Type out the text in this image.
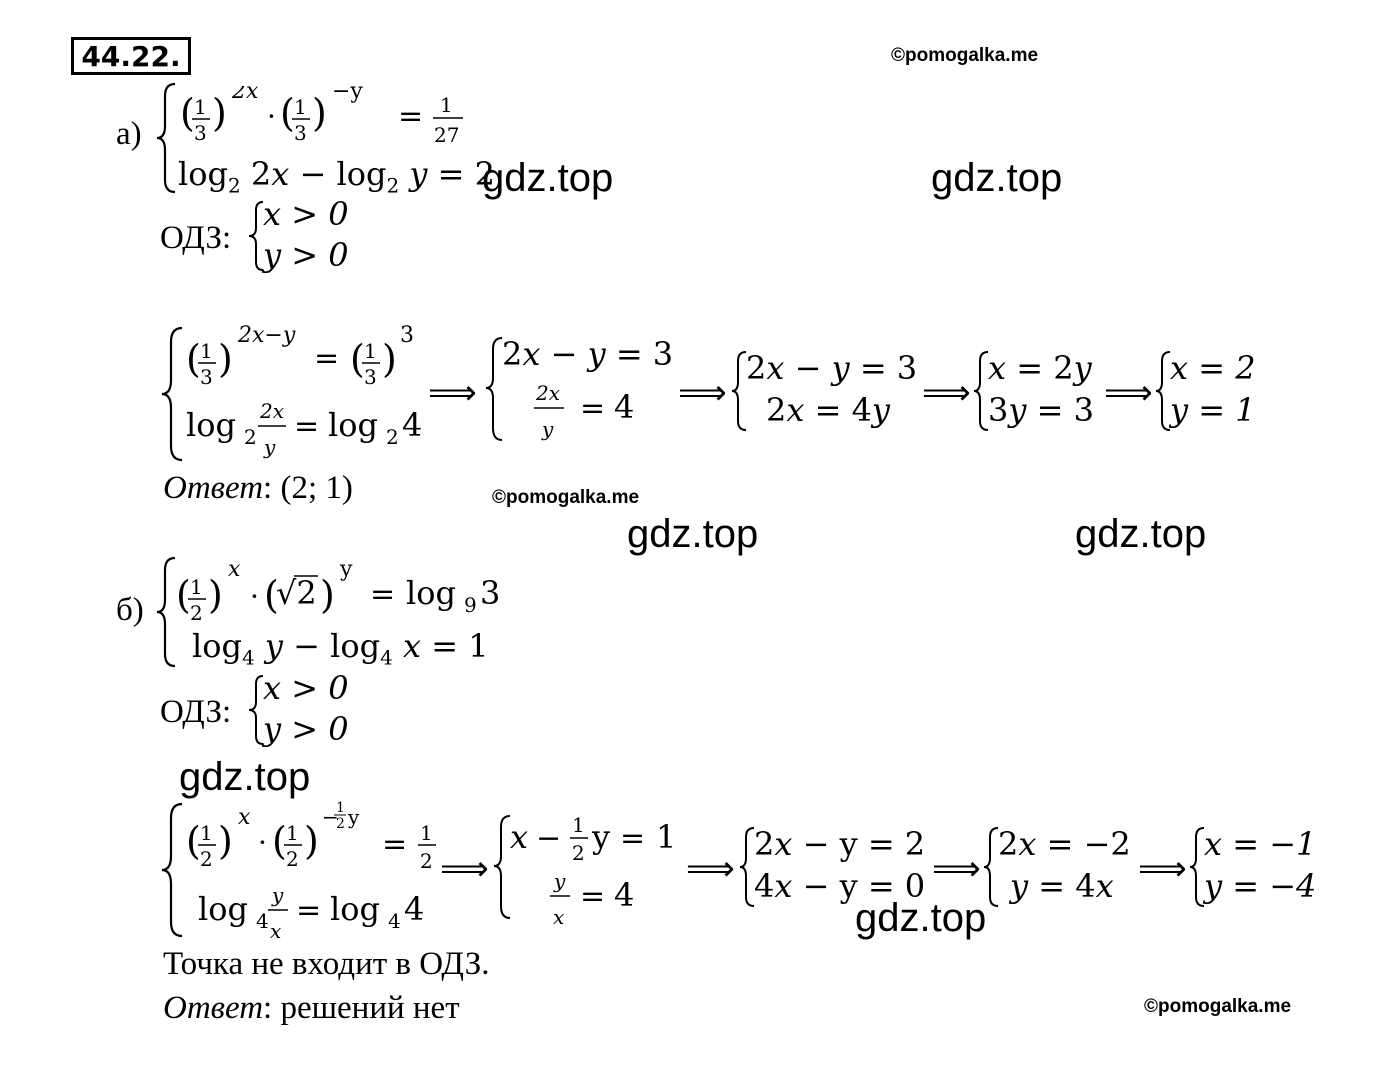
44.22.	©pomogalka.me
©pomogalka.me
©pomogalka.me
gdz.top	gdz.top
gdz.top	gdz.top
gdz.top
gdz.top
а) ( 1
3 ) 2x
· ( 1
3 ) −y
= 1
27
$\log_2 2x - \log_2 y = 2$
ОДЗ:
x > 0
y > 0
( 1
3 )
2x−y
= ( 1
3 )
3
log 2
2x
y
= log 2 4
⟹
2x − y = 3
2x
y
= 4 ⟹
2x − y = 3
2x = 4y ⟹
x = 2y
3y = 3 ⟹
x = 2
y = 1
Ответ: (2; 1)
б) ( 1
2 )
x
· (
√2 )
y
= log 9 3
$\log_4 y - \log_4 x = 1$
ОДЗ:
x > 0
y > 0
( 1
2 )
x
· ( 1
2 )
−
1
2 y
= 1
2
log 4
y
x
= log 4 4
⟹
x − 1
2 y = 1
y
x
= 4
⟹
2x − y = 2
4x − y = 0 ⟹
2x = −2
y = 4x ⟹
x = −1
y = −4
Точка не входит в ОДЗ.
Ответ: решений нет
